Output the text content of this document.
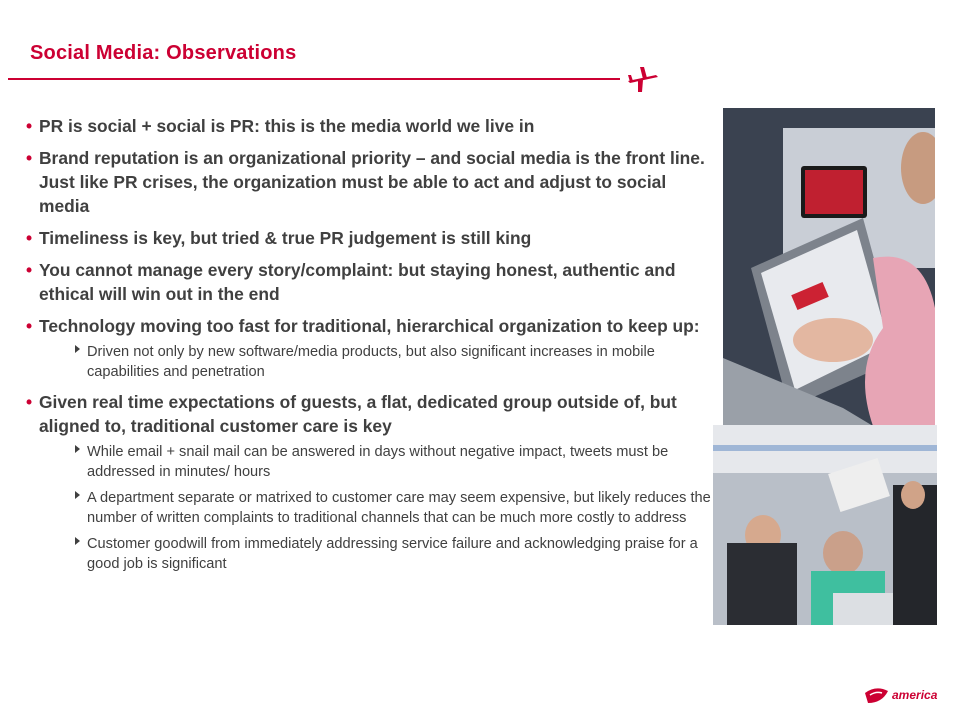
Social Media: Observations
• PR is social + social is PR: this is the media world we live in
• Brand reputation is an organizational priority – and social media is the front line. Just like PR crises, the organization must be able to act and adjust to social media
• Timeliness is key, but tried & true PR judgement is still king
• You cannot manage every story/complaint: but staying honest, authentic and ethical will win out in the end
• Technology moving too fast for traditional, hierarchical organization to keep up:
Driven not only by new software/media products, but also significant increases in mobile capabilities and penetration
• Given real time expectations of guests, a flat, dedicated group outside of, but aligned to, traditional customer care is key
While email + snail mail can be answered in days without negative impact, tweets must be addressed in minutes/ hours
A department separate or matrixed to customer care may seem expensive, but likely reduces the number of written complaints to traditional channels that can be much more costly to address
Customer goodwill from immediately addressing service failure and acknowledging praise for a good job is significant
america
